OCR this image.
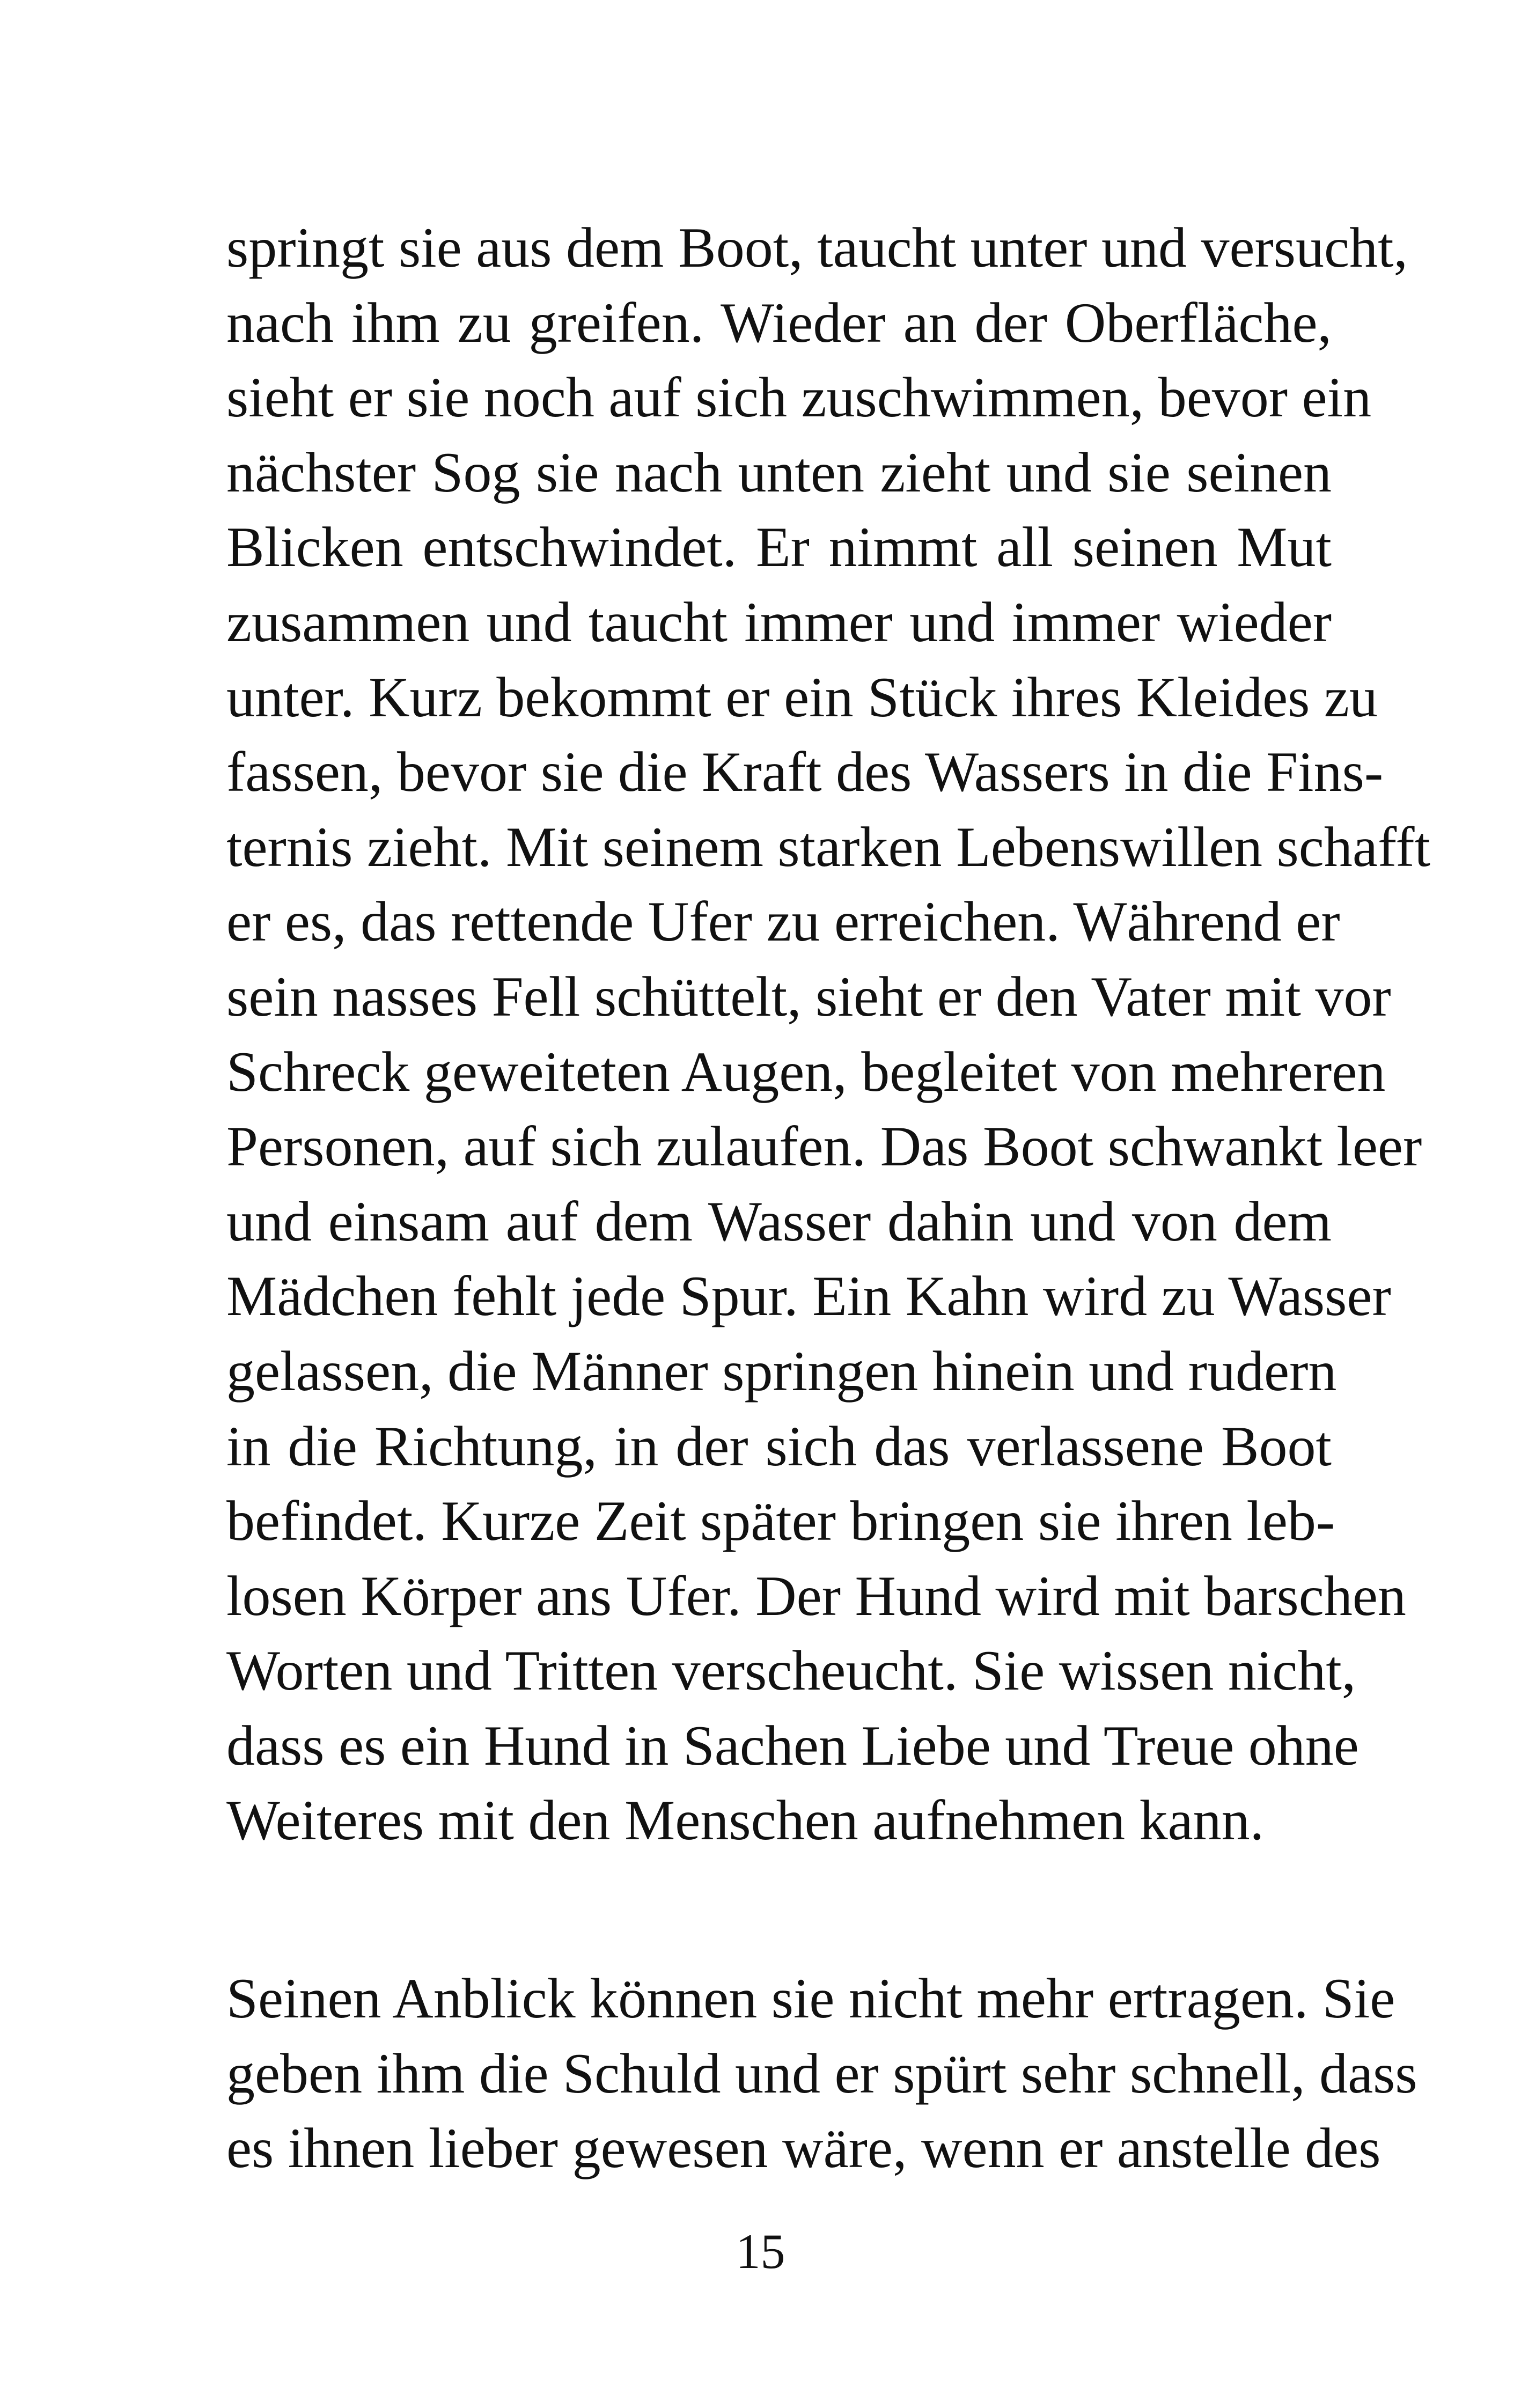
springt sie aus dem Boot, taucht unter und versucht,
nach ihm zu greifen. Wieder an der Oberfläche,
sieht er sie noch auf sich zuschwimmen, bevor ein
nächster Sog sie nach unten zieht und sie seinen
Blicken entschwindet. Er nimmt all seinen Mut
zusammen und taucht immer und immer wieder
unter. Kurz bekommt er ein Stück ihres Kleides zu
fassen, bevor sie die Kraft des Wassers in die Fins-
ternis zieht. Mit seinem starken Lebenswillen schafft
er es, das rettende Ufer zu erreichen. Während er
sein nasses Fell schüttelt, sieht er den Vater mit vor
Schreck geweiteten Augen, begleitet von mehreren
Personen, auf sich zulaufen. Das Boot schwankt leer
und einsam auf dem Wasser dahin und von dem
Mädchen fehlt jede Spur. Ein Kahn wird zu Wasser
gelassen, die Männer springen hinein und rudern
in die Richtung, in der sich das verlassene Boot
befindet. Kurze Zeit später bringen sie ihren leb-
losen Körper ans Ufer. Der Hund wird mit barschen
Worten und Tritten verscheucht. Sie wissen nicht,
dass es ein Hund in Sachen Liebe und Treue ohne
Weiteres mit den Menschen aufnehmen kann.
Seinen Anblick können sie nicht mehr ertragen. Sie
geben ihm die Schuld und er spürt sehr schnell, dass
es ihnen lieber gewesen wäre, wenn er anstelle des
15
